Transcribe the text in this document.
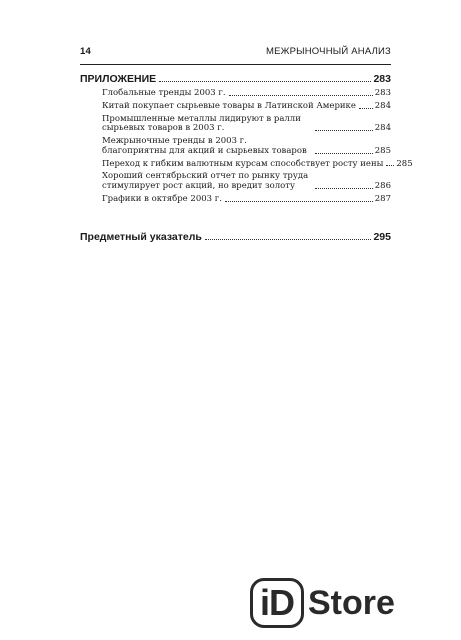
14	МЕЖРЫНОЧНЫЙ АНАЛИЗ
ПРИЛОЖЕНИЕ	283
Глобальные тренды 2003 г.	283
Китай покупает сырьевые товары в Латинской Америке 284
Промышленные металлы лидируют в ралли сырьевых товаров в 2003 г.	284
Межрыночные тренды в 2003 г. благоприятны для акций и сырьевых товаров	285
Переход к гибким валютным курсам способствует росту иены 285
Хороший сентябрьский отчет по рынку труда стимулирует рост акций, но вредит золоту	286
Графики в октябре 2003 г.	287
Предметный указатель	295
iD Store
